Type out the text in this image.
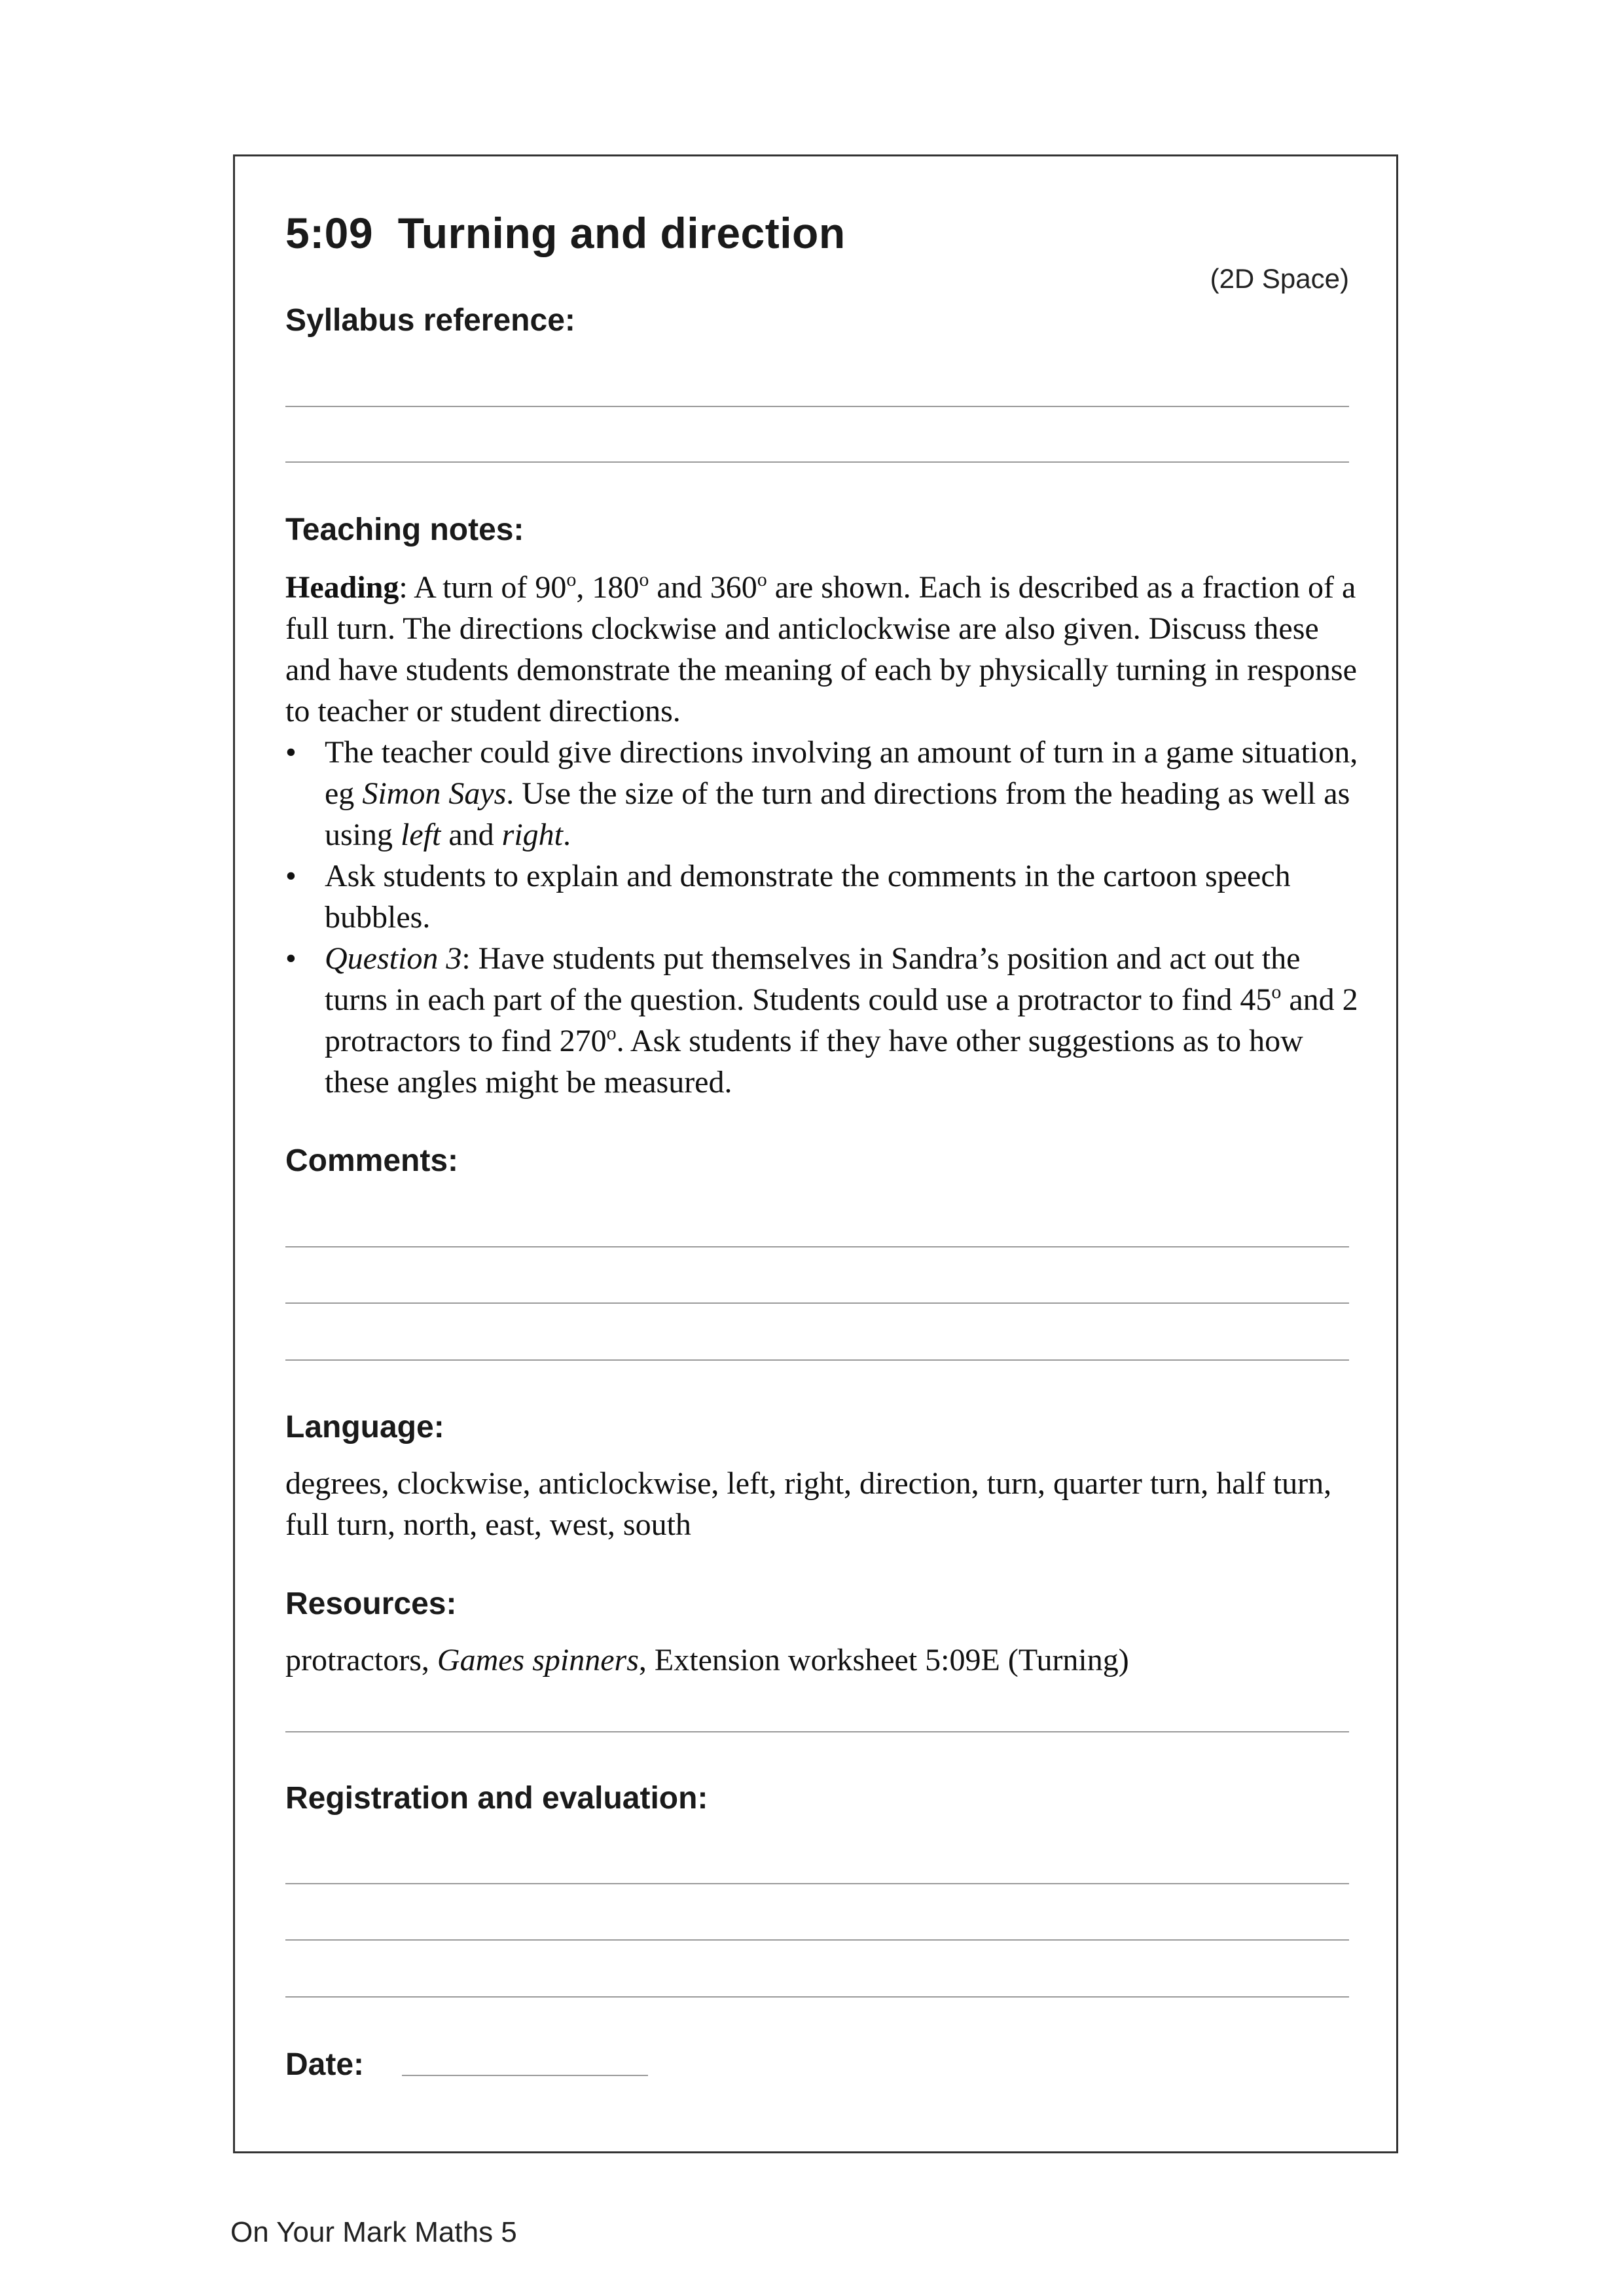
5:09  Turning and direction
(2D Space)
Syllabus reference:
Teaching notes:
Heading: A turn of 90$^o$, 180$^o$ and 360$^o$ are shown. Each is described as a fraction of a full turn. The directions clockwise and anticlockwise are also given. Discuss these and have students demonstrate the meaning of each by physically turning in response to teacher or student directions.
• The teacher could give directions involving an amount of turn in a game situation, eg Simon Says. Use the size of the turn and directions from the heading as well as using left and right.
• Ask students to explain and demonstrate the comments in the cartoon speech bubbles.
• Question 3: Have students put themselves in Sandra’s position and act out the turns in each part of the question. Students could use a protractor to find 45$^o$ and 2 protractors to find 270$^o$. Ask students if they have other suggestions as to how these angles might be measured.
Comments:
Language:
degrees, clockwise, anticlockwise, left, right, direction, turn, quarter turn, half turn, full turn, north, east, west, south
Resources:
protractors, Games spinners, Extension worksheet 5:09E (Turning)
Registration and evaluation:
Date:
On Your Mark Maths 5
